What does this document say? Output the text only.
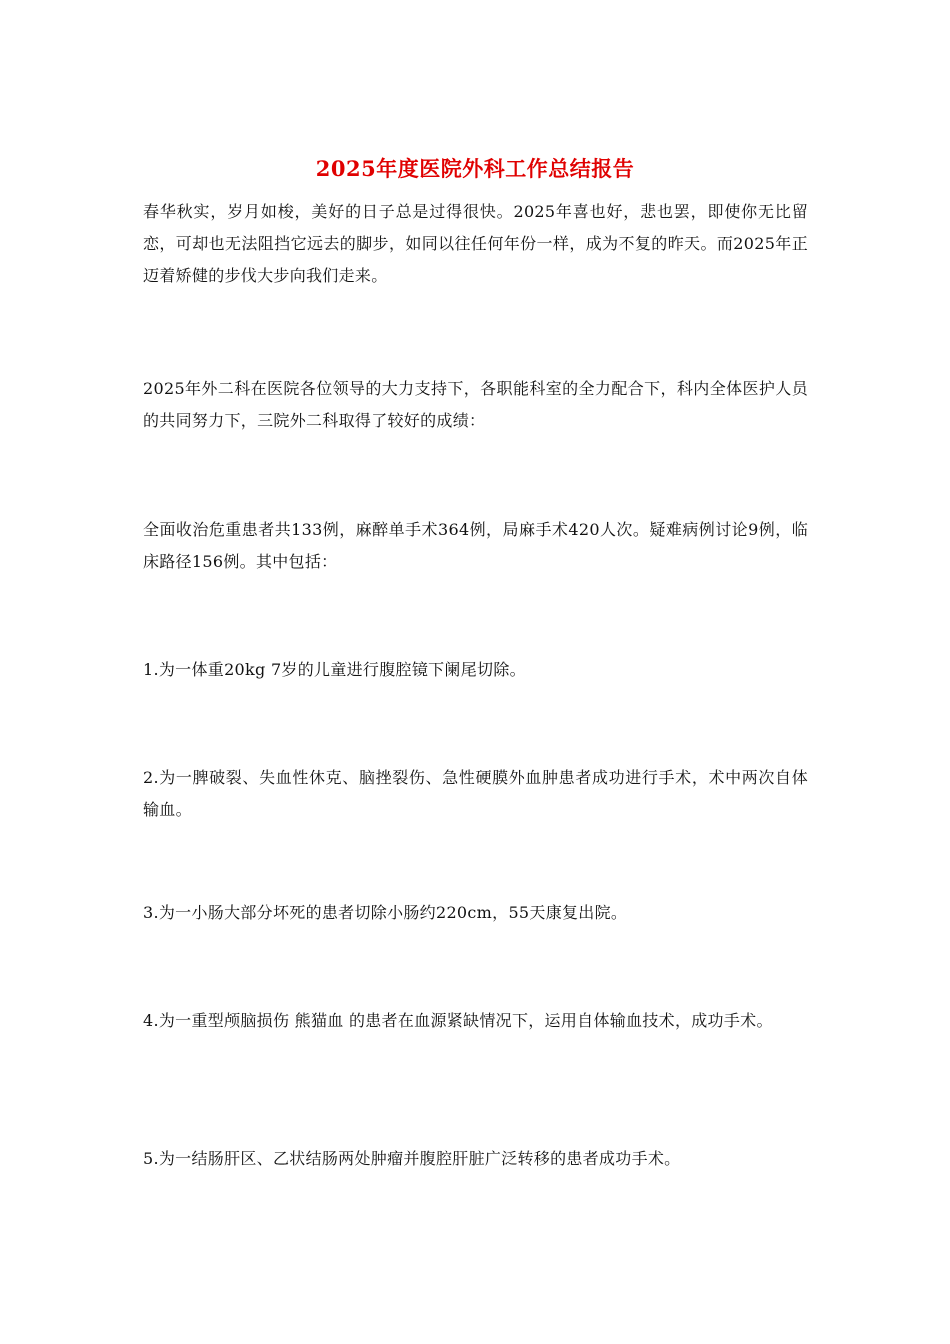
2025年度医院外科工作总结报告

春华秋实，岁月如梭，美好的日子总是过得很快。2025年喜也好，悲也罢，即使你无比留恋，可却也无法阻挡它远去的脚步，如同以往任何年份一样，成为不复的昨天。而2025年正迈着矫健的步伐大步向我们走来。

2025年外二科在医院各位领导的大力支持下，各职能科室的全力配合下，科内全体医护人员的共同努力下，三院外二科取得了较好的成绩：

全面收治危重患者共133例，麻醉单手术364例，局麻手术420人次。疑难病例讨论9例，临床路径156例。其中包括：

1.为一体重20kg 7岁的儿童进行腹腔镜下阑尾切除。

2.为一脾破裂、失血性休克、脑挫裂伤、急性硬膜外血肿患者成功进行手术，术中两次自体输血。

3.为一小肠大部分坏死的患者切除小肠约220cm，55天康复出院。

4.为一重型颅脑损伤 熊猫血 的患者在血源紧缺情况下，运用自体输血技术，成功手术。

5.为一结肠肝区、乙状结肠两处肿瘤并腹腔肝脏广泛转移的患者成功手术。
